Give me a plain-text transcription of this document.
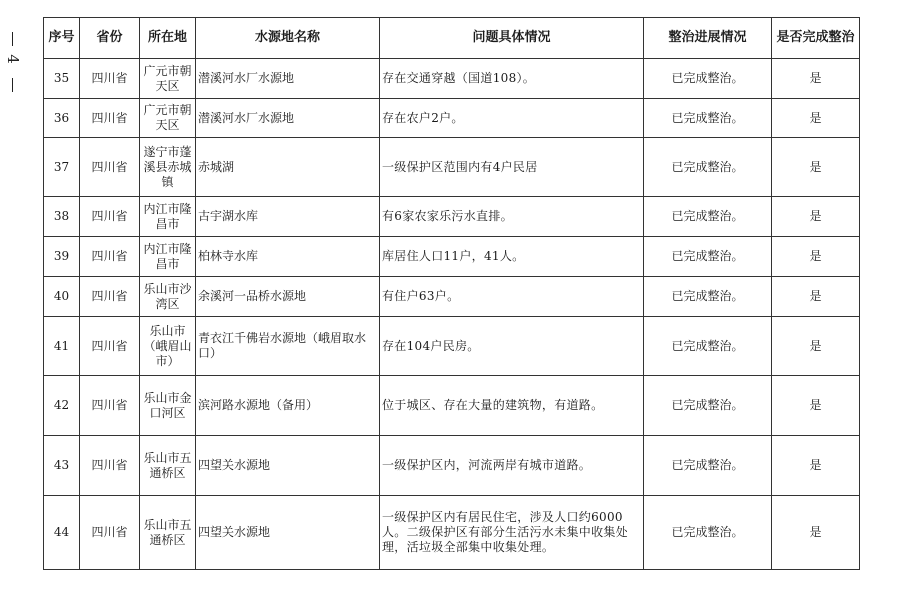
4
序号	省份	所在地	水源地名称	问题具体情况	整治进展情况	是否完成整治
35	四川省	广元市朝天区	潜溪河水厂水源地	存在交通穿越（国道108）。	已完成整治。	是
36	四川省	广元市朝天区	潜溪河水厂水源地	存在农户2户。	已完成整治。	是
37	四川省	遂宁市蓬溪县赤城镇	赤城湖	一级保护区范围内有4户民居	已完成整治。	是
38	四川省	内江市隆昌市	古宇湖水库	有6家农家乐污水直排。	已完成整治。	是
39	四川省	内江市隆昌市	柏林寺水库	库居住人口11户，41人。	已完成整治。	是
40	四川省	乐山市沙湾区	余溪河一品桥水源地	有住户63户。	已完成整治。	是
41	四川省	乐山市（峨眉山市）	青衣江千佛岩水源地（峨眉取水口）	存在104户民房。	已完成整治。	是
42	四川省	乐山市金口河区	滨河路水源地（备用）	位于城区、存在大量的建筑物，有道路。	已完成整治。	是
43	四川省	乐山市五通桥区	四望关水源地	一级保护区内，河流两岸有城市道路。	已完成整治。	是
44	四川省	乐山市五通桥区	四望关水源地	一级保护区内有居民住宅，涉及人口约6000人。二级保护区有部分生活污水未集中收集处理，活垃圾全部集中收集处理。	已完成整治。	是
